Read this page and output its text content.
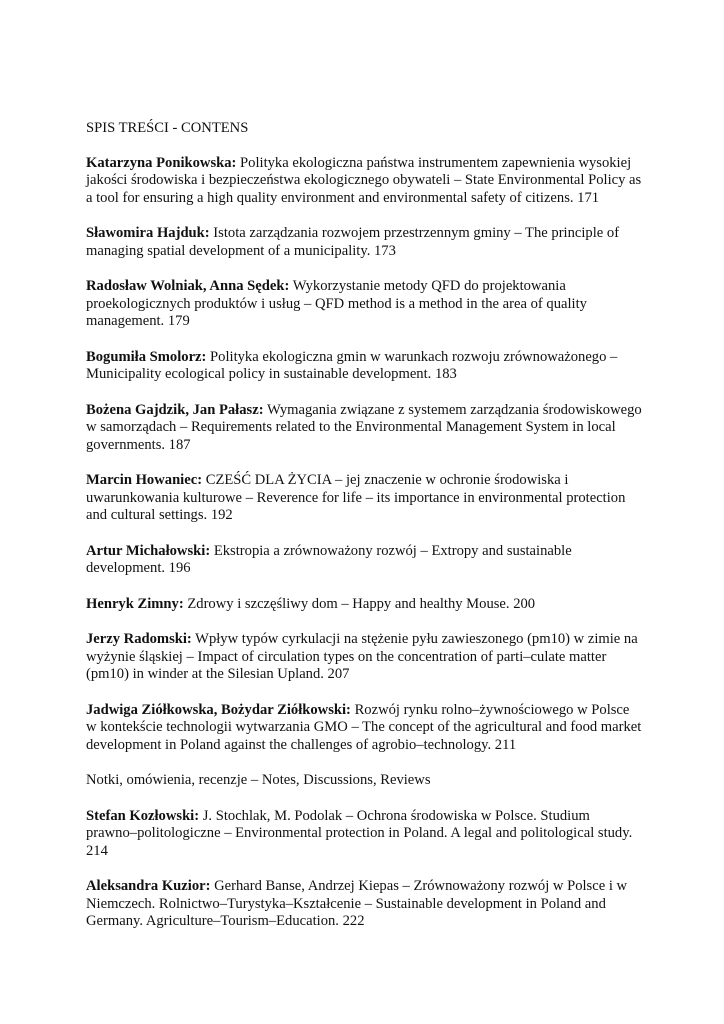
SPIS TREŚCI - CONTENS

Katarzyna Ponikowska: Polityka ekologiczna państwa instrumentem zapewnienia wysokiej jakości środowiska i bezpieczeństwa ekologicznego obywateli – State Environmental Policy as a tool for ensuring a high quality environment and environmental safety of citizens. 171

Sławomira Hajduk: Istota zarządzania rozwojem przestrzennym gminy – The principle of managing spatial development of a municipality. 173

Radosław Wolniak, Anna Sędek: Wykorzystanie metody QFD do projektowania proekologicznych produktów i usług – QFD method is a method in the area of quality management. 179

Bogumiła Smolorz: Polityka ekologiczna gmin w warunkach rozwoju zrównoważonego – Municipality ecological policy in sustainable development. 183

Bożena Gajdzik, Jan Pałasz: Wymagania związane z systemem zarządzania środowiskowego w samorządach – Requirements related to the Environmental Management System in local governments. 187

Marcin Howaniec: CZEŚĆ DLA ŻYCIA – jej znaczenie w ochronie środowiska i uwarunkowania kulturowe – Reverence for life – its importance in environmental protection and cultural settings. 192

Artur Michałowski: Ekstropia a zrównoważony rozwój – Extropy and sustainable development. 196

Henryk Zimny: Zdrowy i szczęśliwy dom – Happy and healthy Mouse. 200

Jerzy Radomski: Wpływ typów cyrkulacji na stężenie pyłu zawieszonego (pm10) w zimie na wyżynie śląskiej – Impact of circulation types on the concentration of parti–culate matter (pm10) in winder at the Silesian Upland. 207

Jadwiga Ziółkowska, Bożydar Ziółkowski: Rozwój rynku rolno–żywnościowego w Polsce w kontekście technologii wytwarzania GMO – The concept of the agricultural and food market development in Poland against the challenges of agrobio–technology. 211

Notki, omówienia, recenzje – Notes, Discussions, Reviews

Stefan Kozłowski: J. Stochlak, M. Podolak – Ochrona środowiska w Polsce. Studium prawno–politologiczne – Environmental protection in Poland. A legal and politological study. 214

Aleksandra Kuzior: Gerhard Banse, Andrzej Kiepas – Zrównoważony rozwój w Polsce i w Niemczech. Rolnictwo–Turystyka–Kształcenie – Sustainable development in Poland and Germany. Agriculture–Tourism–Education. 222
